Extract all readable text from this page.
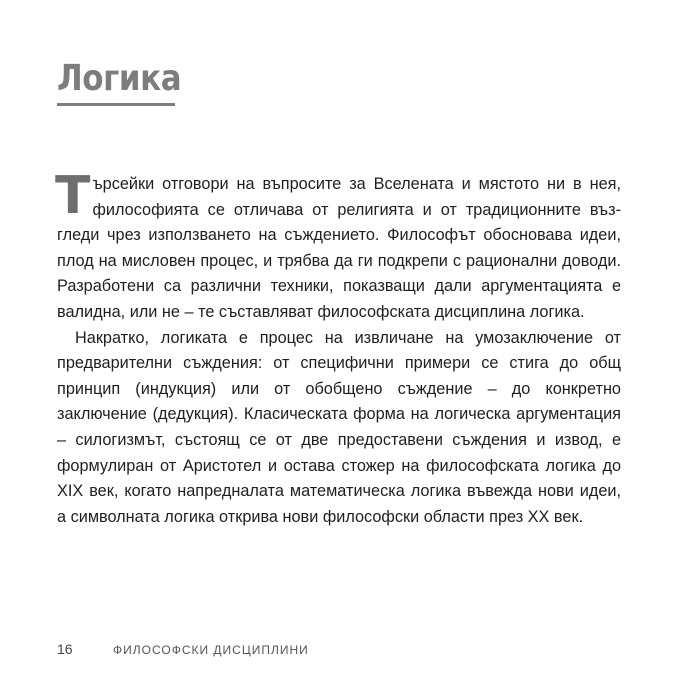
Логика

Търсейки отговори на въпросите за Вселената и мястото ни в нея, философията се отличава от религията и от традиционните възгледи чрез използването на съждението. Философът обосновава идеи, плод на мисловен процес, и трябва да ги подкрепи с рационални доводи. Разработени са различни техники, показващи дали аргументацията е валидна, или не – те съставляват философската дисциплина логика.

Накратко, логиката е процес на извличане на умозаключение от предварителни съждения: от специфични примери се стига до общ принцип (индукция) или от обобщено съждение – до конкретно заключение (дедукция). Класическата форма на логическа аргументация – силогизмът, състоящ се от две предоставени съждения и извод, е формулиран от Аристотел и остава стожер на философската логика до XIX век, когато напредналата математическа логика въвежда нови идеи, а символната логика открива нови философски области през XX век.

16	ФИЛОСОФСКИ ДИСЦИПЛИНИ
